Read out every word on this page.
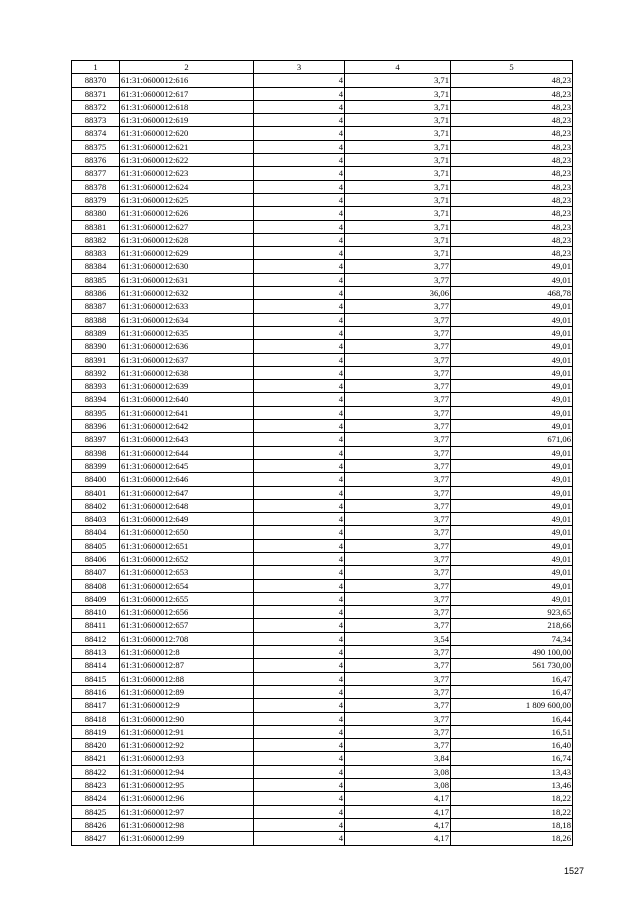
1	2	3	4	5
88370	61:31:0600012:616	4	3,71	48,23
88371	61:31:0600012:617	4	3,71	48,23
88372	61:31:0600012:618	4	3,71	48,23
88373	61:31:0600012:619	4	3,71	48,23
88374	61:31:0600012:620	4	3,71	48,23
88375	61:31:0600012:621	4	3,71	48,23
88376	61:31:0600012:622	4	3,71	48,23
88377	61:31:0600012:623	4	3,71	48,23
88378	61:31:0600012:624	4	3,71	48,23
88379	61:31:0600012:625	4	3,71	48,23
88380	61:31:0600012:626	4	3,71	48,23
88381	61:31:0600012:627	4	3,71	48,23
88382	61:31:0600012:628	4	3,71	48,23
88383	61:31:0600012:629	4	3,71	48,23
88384	61:31:0600012:630	4	3,77	49,01
88385	61:31:0600012:631	4	3,77	49,01
88386	61:31:0600012:632	4	36,06	468,78
88387	61:31:0600012:633	4	3,77	49,01
88388	61:31:0600012:634	4	3,77	49,01
88389	61:31:0600012:635	4	3,77	49,01
88390	61:31:0600012:636	4	3,77	49,01
88391	61:31:0600012:637	4	3,77	49,01
88392	61:31:0600012:638	4	3,77	49,01
88393	61:31:0600012:639	4	3,77	49,01
88394	61:31:0600012:640	4	3,77	49,01
88395	61:31:0600012:641	4	3,77	49,01
88396	61:31:0600012:642	4	3,77	49,01
88397	61:31:0600012:643	4	3,77	671,06
88398	61:31:0600012:644	4	3,77	49,01
88399	61:31:0600012:645	4	3,77	49,01
88400	61:31:0600012:646	4	3,77	49,01
88401	61:31:0600012:647	4	3,77	49,01
88402	61:31:0600012:648	4	3,77	49,01
88403	61:31:0600012:649	4	3,77	49,01
88404	61:31:0600012:650	4	3,77	49,01
88405	61:31:0600012:651	4	3,77	49,01
88406	61:31:0600012:652	4	3,77	49,01
88407	61:31:0600012:653	4	3,77	49,01
88408	61:31:0600012:654	4	3,77	49,01
88409	61:31:0600012:655	4	3,77	49,01
88410	61:31:0600012:656	4	3,77	923,65
88411	61:31:0600012:657	4	3,77	218,66
88412	61:31:0600012:708	4	3,54	74,34
88413	61:31:0600012:8	4	3,77	490 100,00
88414	61:31:0600012:87	4	3,77	561 730,00
88415	61:31:0600012:88	4	3,77	16,47
88416	61:31:0600012:89	4	3,77	16,47
88417	61:31:0600012:9	4	3,77	1 809 600,00
88418	61:31:0600012:90	4	3,77	16,44
88419	61:31:0600012:91	4	3,77	16,51
88420	61:31:0600012:92	4	3,77	16,40
88421	61:31:0600012:93	4	3,84	16,74
88422	61:31:0600012:94	4	3,08	13,43
88423	61:31:0600012:95	4	3,08	13,46
88424	61:31:0600012:96	4	4,17	18,22
88425	61:31:0600012:97	4	4,17	18,22
88426	61:31:0600012:98	4	4,17	18,18
88427	61:31:0600012:99	4	4,17	18,26
1527
